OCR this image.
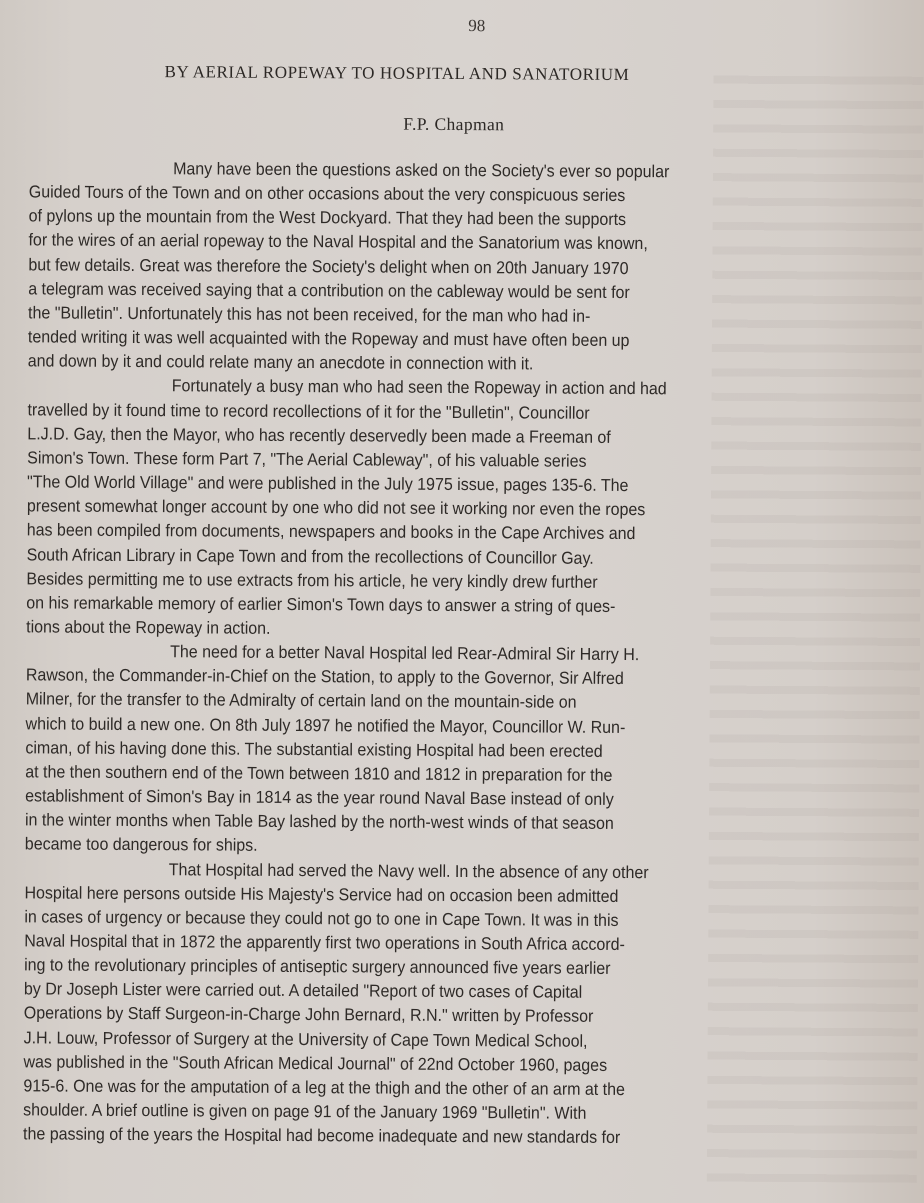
98
BY AERIAL ROPEWAY TO HOSPITAL AND SANATORIUM
F.P. Chapman

Many have been the questions asked on the Society's ever so popular
Guided Tours of the Town and on other occasions about the very conspicuous series
of pylons up the mountain from the West Dockyard. That they had been the supports
for the wires of an aerial ropeway to the Naval Hospital and the Sanatorium was known,
but few details. Great was therefore the Society's delight when on 20th January 1970
a telegram was received saying that a contribution on the cableway would be sent for
the "Bulletin". Unfortunately this has not been received, for the man who had in-
tended writing it was well acquainted with the Ropeway and must have often been up
and down by it and could relate many an anecdote in connection with it.

Fortunately a busy man who had seen the Ropeway in action and had
travelled by it found time to record recollections of it for the "Bulletin", Councillor
L.J.D. Gay, then the Mayor, who has recently deservedly been made a Freeman of
Simon's Town. These form Part 7, "The Aerial Cableway", of his valuable series
"The Old World Village" and were published in the July 1975 issue, pages 135-6. The
present somewhat longer account by one who did not see it working nor even the ropes
has been compiled from documents, newspapers and books in the Cape Archives and
South African Library in Cape Town and from the recollections of Councillor Gay.
Besides permitting me to use extracts from his article, he very kindly drew further
on his remarkable memory of earlier Simon's Town days to answer a string of ques-
tions about the Ropeway in action.

The need for a better Naval Hospital led Rear-Admiral Sir Harry H.
Rawson, the Commander-in-Chief on the Station, to apply to the Governor, Sir Alfred
Milner, for the transfer to the Admiralty of certain land on the mountain-side on
which to build a new one. On 8th July 1897 he notified the Mayor, Councillor W. Run-
ciman, of his having done this. The substantial existing Hospital had been erected
at the then southern end of the Town between 1810 and 1812 in preparation for the
establishment of Simon's Bay in 1814 as the year round Naval Base instead of only
in the winter months when Table Bay lashed by the north-west winds of that season
became too dangerous for ships.

That Hospital had served the Navy well. In the absence of any other
Hospital here persons outside His Majesty's Service had on occasion been admitted
in cases of urgency or because they could not go to one in Cape Town. It was in this
Naval Hospital that in 1872 the apparently first two operations in South Africa accord-
ing to the revolutionary principles of antiseptic surgery announced five years earlier
by Dr Joseph Lister were carried out. A detailed "Report of two cases of Capital
Operations by Staff Surgeon-in-Charge John Bernard, R.N." written by Professor
J.H. Louw, Professor of Surgery at the University of Cape Town Medical School,
was published in the "South African Medical Journal" of 22nd October 1960, pages
915-6. One was for the amputation of a leg at the thigh and the other of an arm at the
shoulder. A brief outline is given on page 91 of the January 1969 "Bulletin". With
the passing of the years the Hospital had become inadequate and new standards for
